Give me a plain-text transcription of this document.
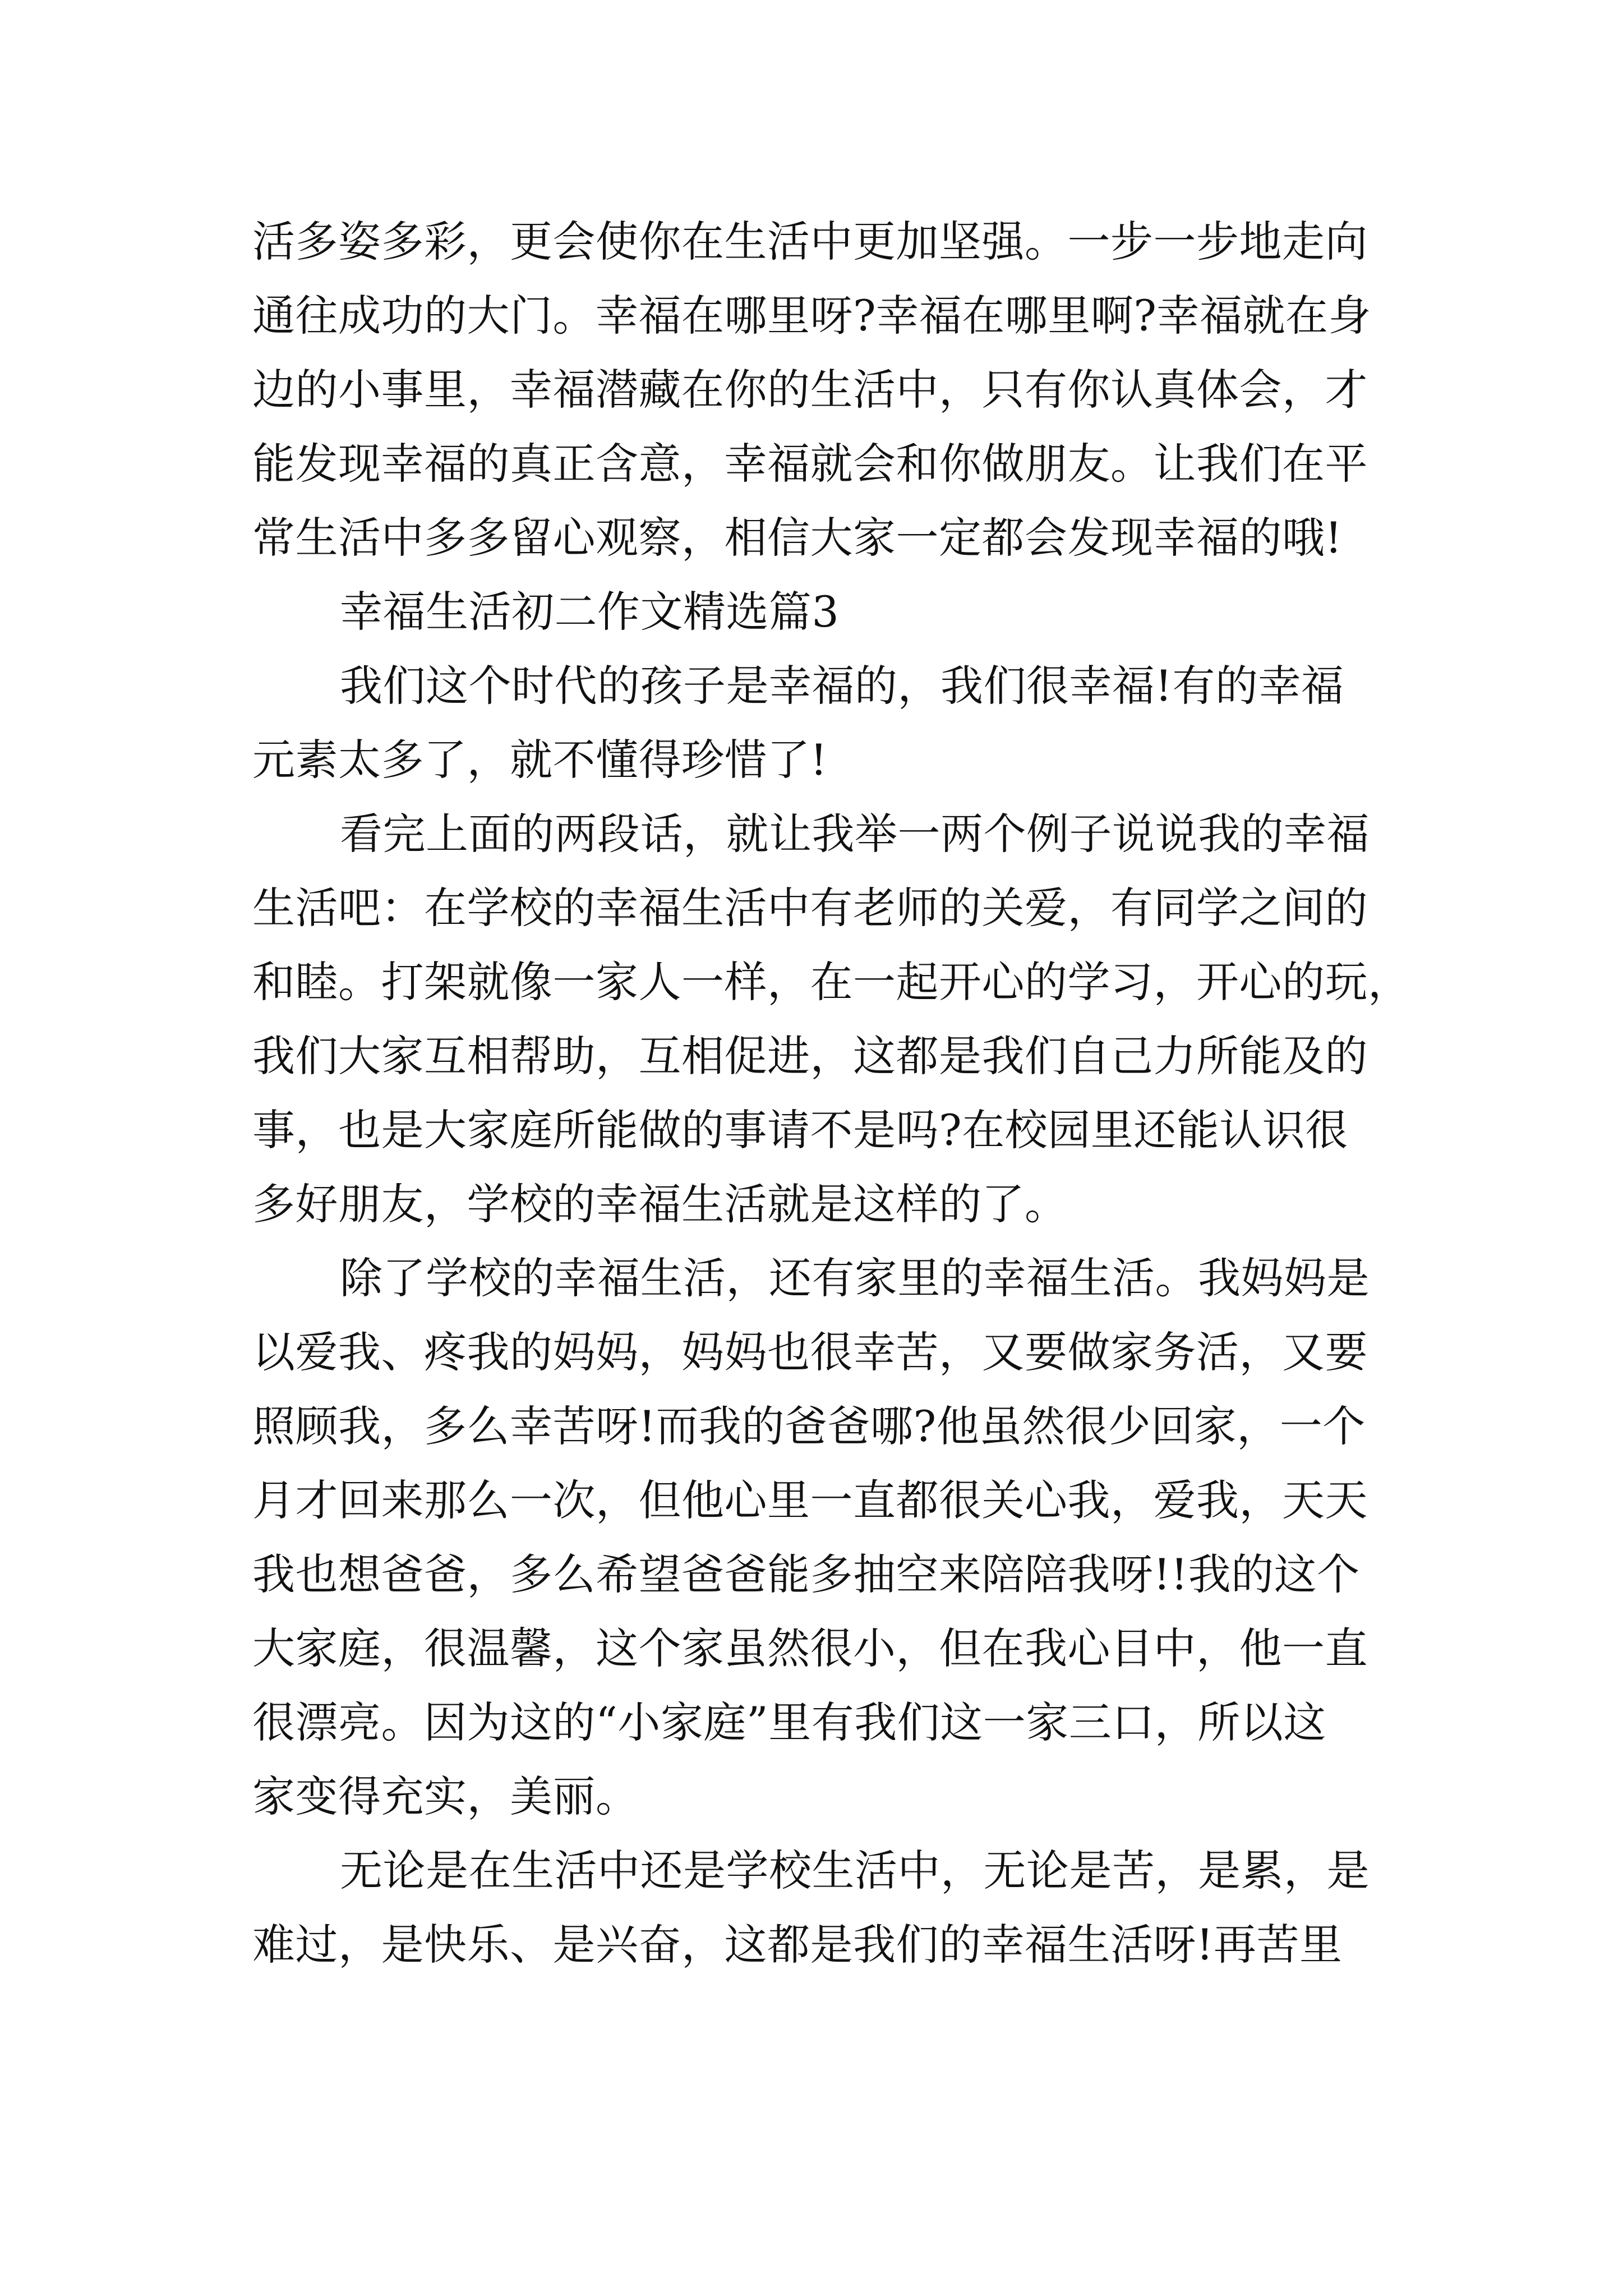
活多姿多彩，更会使你在生活中更加坚强。一步一步地走向
通往成功的大门。幸福在哪里呀?幸福在哪里啊?幸福就在身
边的小事里，幸福潜藏在你的生活中，只有你认真体会，才
能发现幸福的真正含意，幸福就会和你做朋友。让我们在平
常生活中多多留心观察，相信大家一定都会发现幸福的哦!
幸福生活初二作文精选篇3
我们这个时代的孩子是幸福的，我们很幸福!有的幸福
元素太多了，就不懂得珍惜了!
看完上面的两段话，就让我举一两个例子说说我的幸福
生活吧：在学校的幸福生活中有老师的关爱，有同学之间的
和睦。打架就像一家人一样，在一起开心的学习，开心的玩，
我们大家互相帮助，互相促进，这都是我们自己力所能及的
事，也是大家庭所能做的事请不是吗?在校园里还能认识很
多好朋友，学校的幸福生活就是这样的了。
除了学校的幸福生活，还有家里的幸福生活。我妈妈是
以爱我、疼我的妈妈，妈妈也很幸苦，又要做家务活，又要
照顾我，多么幸苦呀!而我的爸爸哪?他虽然很少回家，一个
月才回来那么一次，但他心里一直都很关心我，爱我，天天
我也想爸爸，多么希望爸爸能多抽空来陪陪我呀!!我的这个
大家庭，很温馨，这个家虽然很小，但在我心目中，他一直
很漂亮。因为这的“小家庭”里有我们这一家三口，所以这
家变得充实，美丽。
无论是在生活中还是学校生活中，无论是苦，是累，是
难过，是快乐、是兴奋，这都是我们的幸福生活呀!再苦里
